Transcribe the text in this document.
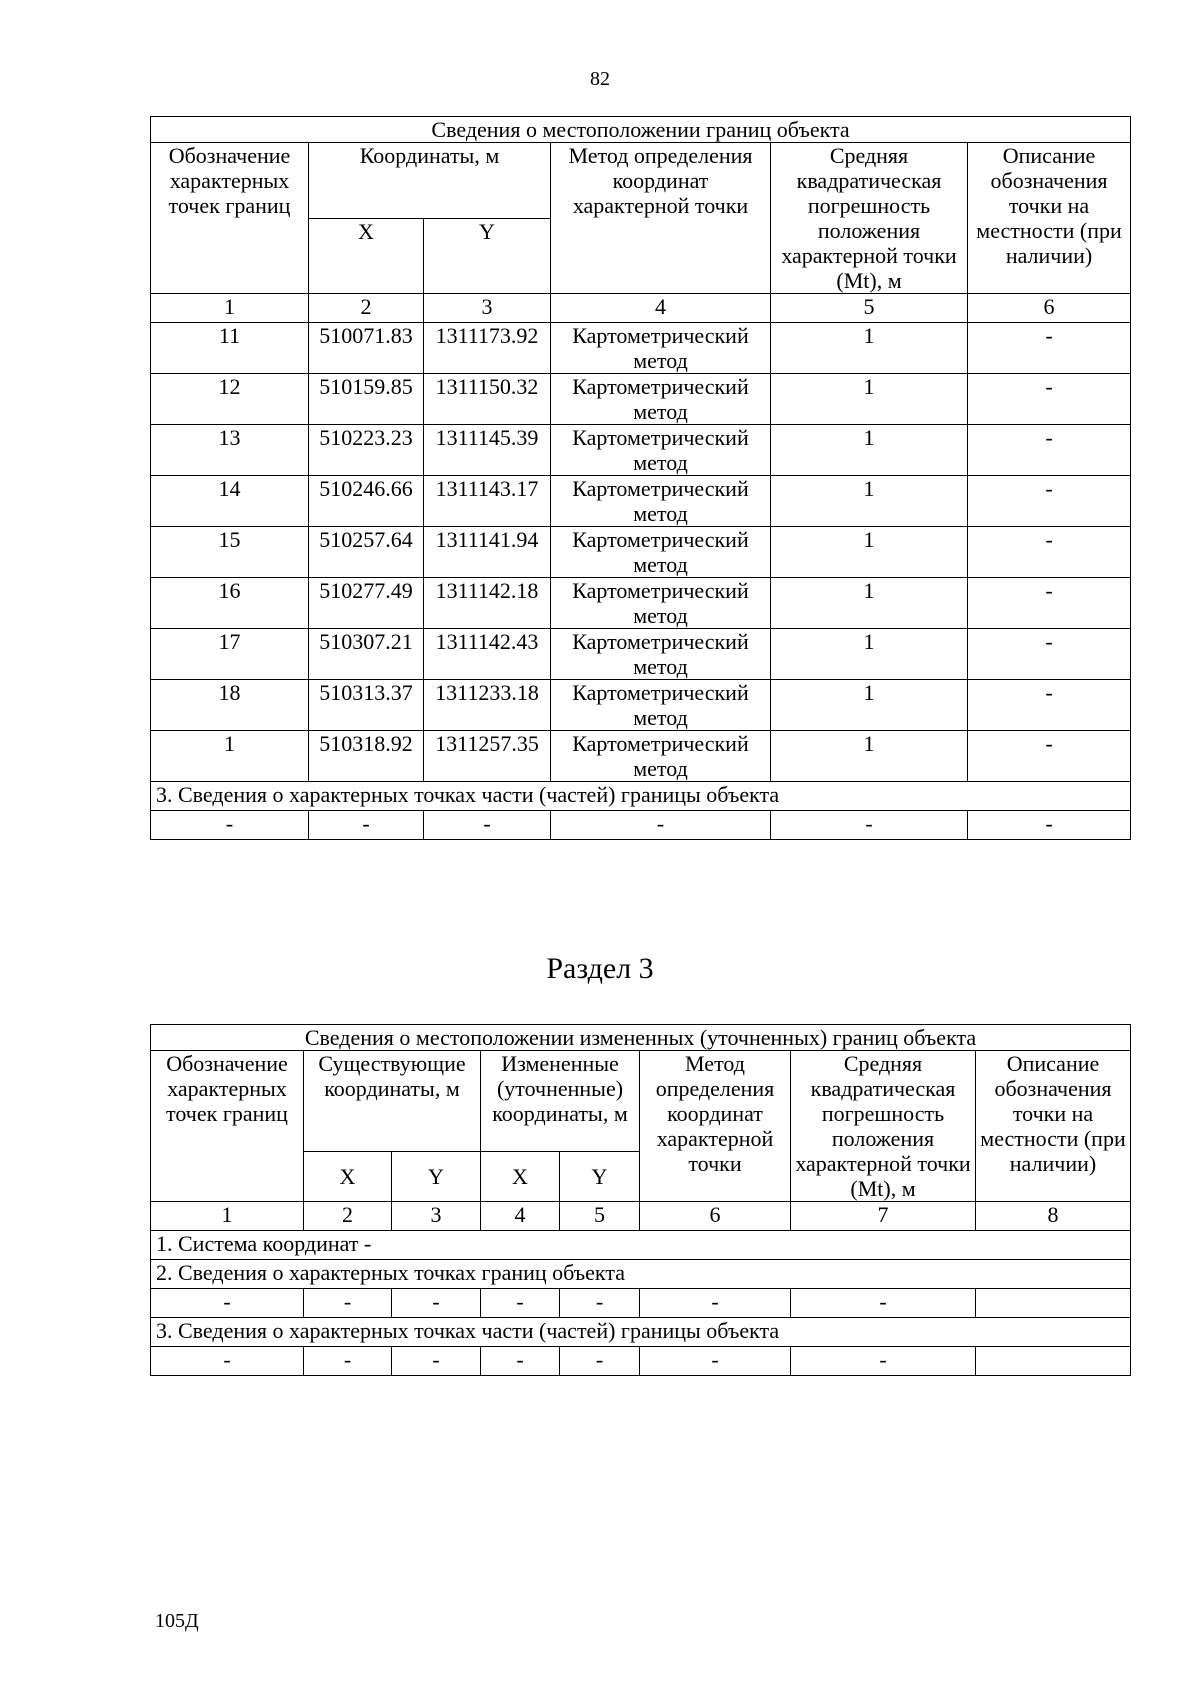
82
Сведения о местоположении границ объекта					
Обозначение характерных точек границ	Координаты, м		Метод определения координат характерной точки	Средняя квадратическая погрешность положения характерной точки (Mt), м	Описание обозначения точки на местности (при наличии)
	X	Y			
1	2	3	4	5	6
11	510071.83	1311173.92	Картометрический метод	1	-
12	510159.85	1311150.32	Картометрический метод	1	-
13	510223.23	1311145.39	Картометрический метод	1	-
14	510246.66	1311143.17	Картометрический метод	1	-
15	510257.64	1311141.94	Картометрический метод	1	-
16	510277.49	1311142.18	Картометрический метод	1	-
17	510307.21	1311142.43	Картометрический метод	1	-
18	510313.37	1311233.18	Картометрический метод	1	-
1	510318.92	1311257.35	Картометрический метод	1	-
3. Сведения о характерных точках части (частей) границы объекта					
-	-	-	-	-	-
Раздел 3
Сведения о местоположении измененных (уточненных) границ объекта							
Обозначение характерных точек границ	Существующие координаты, м		Измененные (уточненные) координаты, м		Метод определения координат характерной точки	Средняя квадратическая погрешность положения характерной точки (Mt), м	Описание обозначения точки на местности (при наличии)
	X	Y	X	Y			
1	2	3	4	5	6	7	8
1. Система координат -							
2. Сведения о характерных точках границ объекта							
-	-	-	-	-	-	-	
3. Сведения о характерных точках части (частей) границы объекта							
-	-	-	-	-	-	-	
105Д
